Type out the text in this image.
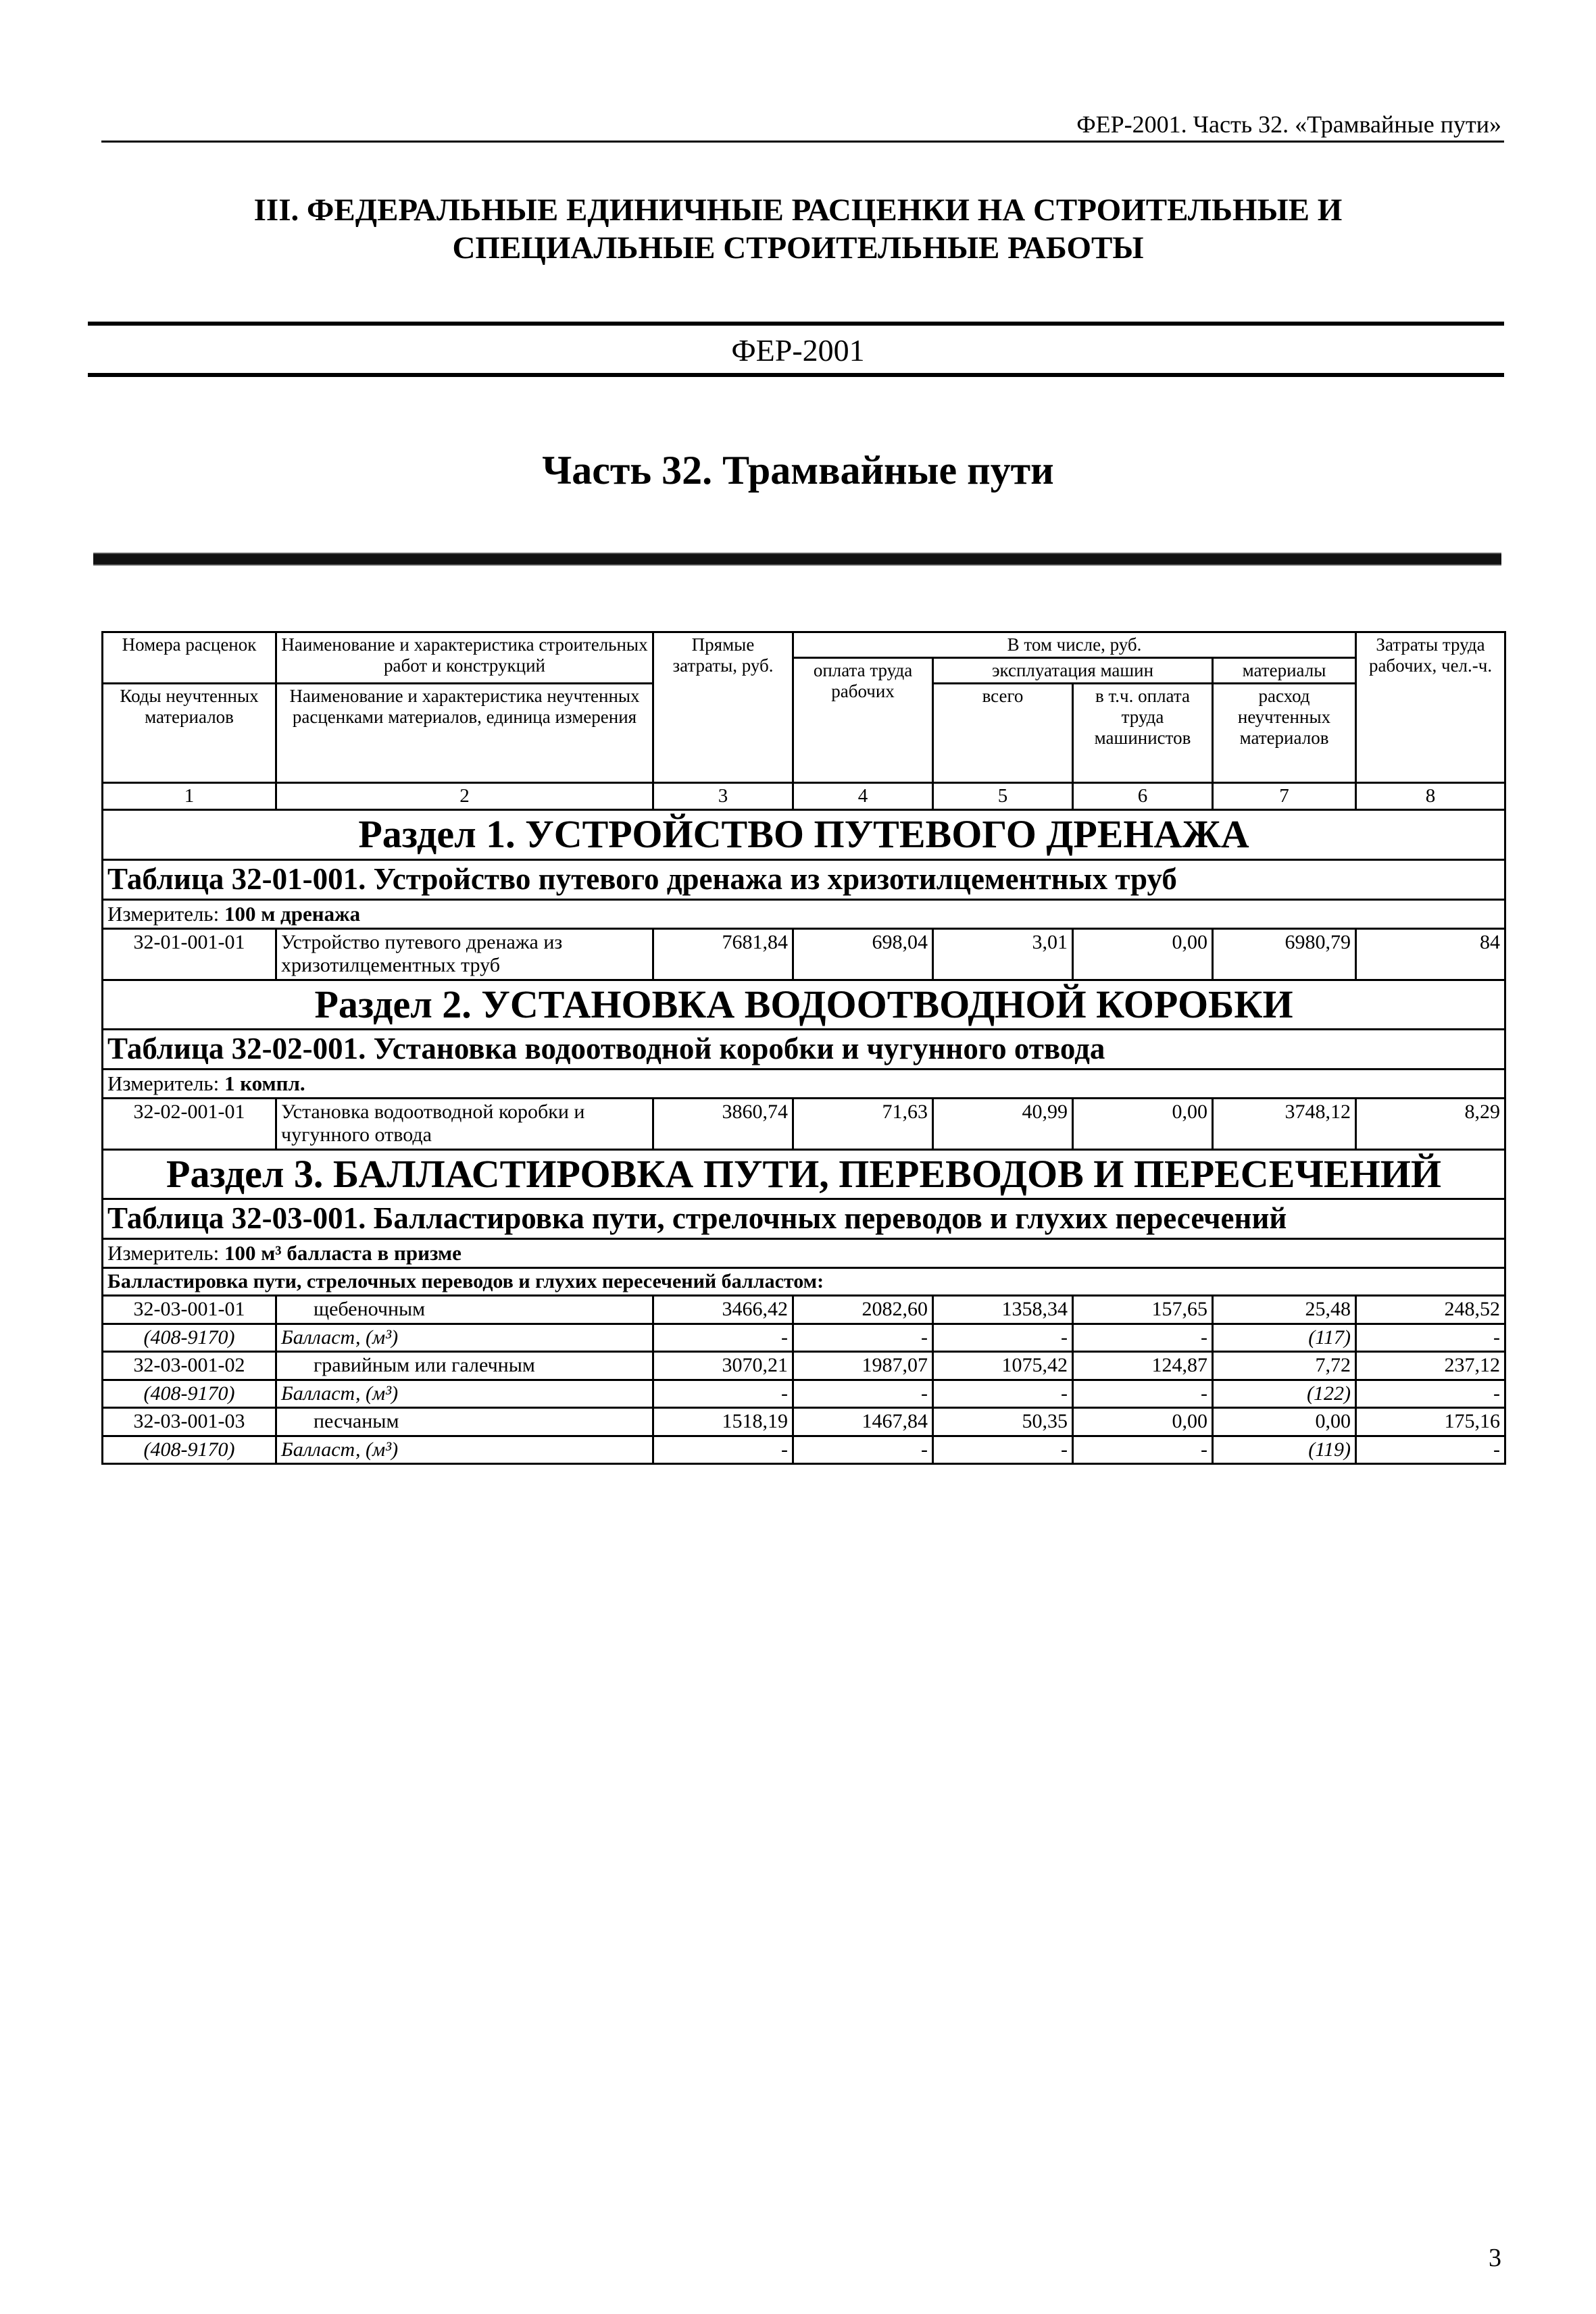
ФЕР-2001. Часть 32. «Трамвайные пути»
III. ФЕДЕРАЛЬНЫЕ ЕДИНИЧНЫЕ РАСЦЕНКИ НА СТРОИТЕЛЬНЫЕ И
СПЕЦИАЛЬНЫЕ СТРОИТЕЛЬНЫЕ РАБОТЫ
ФЕР-2001
Часть 32. Трамвайные пути
Номера расценок	Наименование и характеристика строительных работ и конструкций	Прямые затраты, руб.	В том числе, руб.				Затраты труда рабочих, чел.-ч.
			оплата труда рабочих	эксплуатация машин		материалы	
Коды неучтенных материалов	Наименование и характеристика неучтенных расценками материалов, единица измерения			всего	в т.ч. оплата труда машинистов	расход неучтенных материалов	

1	2	3	4	5	6	7	8
Раздел 1. УСТРОЙСТВО ПУТЕВОГО ДРЕНАЖА							
Таблица 32-01-001. Устройство путевого дренажа из хризотилцементных труб							
Измеритель: 100 м дренажа							
32-01-001-01	Устройство путевого дренажа из хризотилцементных труб	7681,84	698,04	3,01	0,00	6980,79	84
Раздел 2. УСТАНОВКА ВОДООТВОДНОЙ КОРОБКИ							
Таблица 32-02-001. Установка водоотводной коробки и чугунного отвода							
Измеритель: 1 компл.							
32-02-001-01	Установка водоотводной коробки и чугунного отвода	3860,74	71,63	40,99	0,00	3748,12	8,29
Раздел 3. БАЛЛАСТИРОВКА ПУТИ, ПЕРЕВОДОВ И ПЕРЕСЕЧЕНИЙ							
Таблица 32-03-001. Балластировка пути, стрелочных переводов и глухих пересечений							
Измеритель: 100 м³ балласта в призме							
Балластировка пути, стрелочных переводов и глухих пересечений балластом:							
32-03-001-01	щебеночным	3466,42	2082,60	1358,34	157,65	25,48	248,52
(408-9170)	Балласт, (м³)	-	-	-	-	(117)	-
32-03-001-02	гравийным или галечным	3070,21	1987,07	1075,42	124,87	7,72	237,12
(408-9170)	Балласт, (м³)	-	-	-	-	(122)	-
32-03-001-03	песчаным	1518,19	1467,84	50,35	0,00	0,00	175,16
(408-9170)	Балласт, (м³)	-	-	-	-	(119)	-
3
